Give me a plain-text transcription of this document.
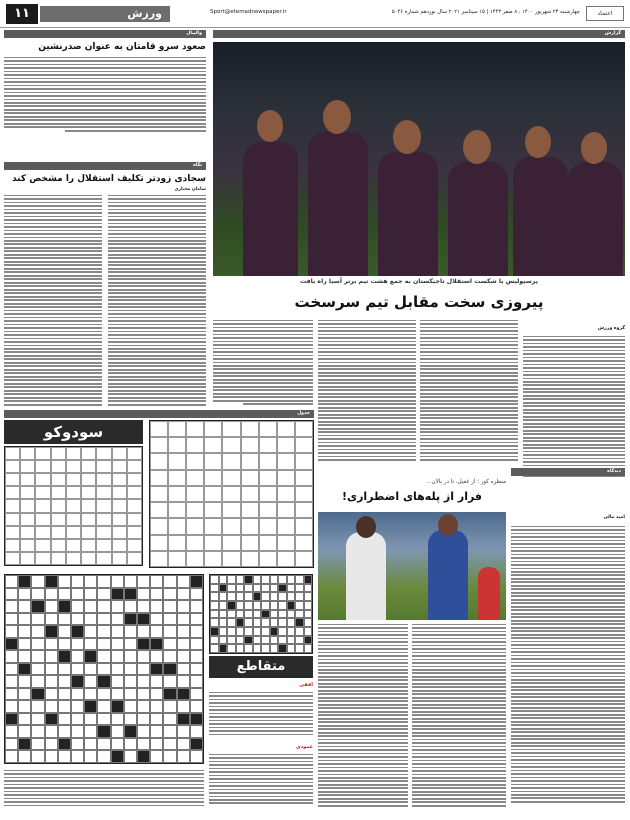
۱۱	ورزش	Sport@etemadnewspaper.ir	چهارشنبه ۲۴ شهریور ۱۴۰۰ ، ۸ صفر ۱۴۴۳ | ۱۵ سپتامبر ۲۰۲۱ سال نوزدهم شماره ۵۰۴۶	اعتماد
والیبال
صعود سرو قامتان به عنوان صدرنشین
نگاه
سجادی زودتر تکلیف استقلال را مشخص کند
سامان مختاری
گزارش
پرسپولیس با شکست استقلال تاجیکستان به جمع هشت تیم برتر آسیا راه یافت
پیروزی سخت مقابل تیم سرسخت
گروه ورزش
دیدگاه
منظره کور ؛ از غفیل، تا در بالان...
فرار از پله‌های اضطراری!
امید مالی
جدول
سودوکو
متقاطع
افقی
عمودی
